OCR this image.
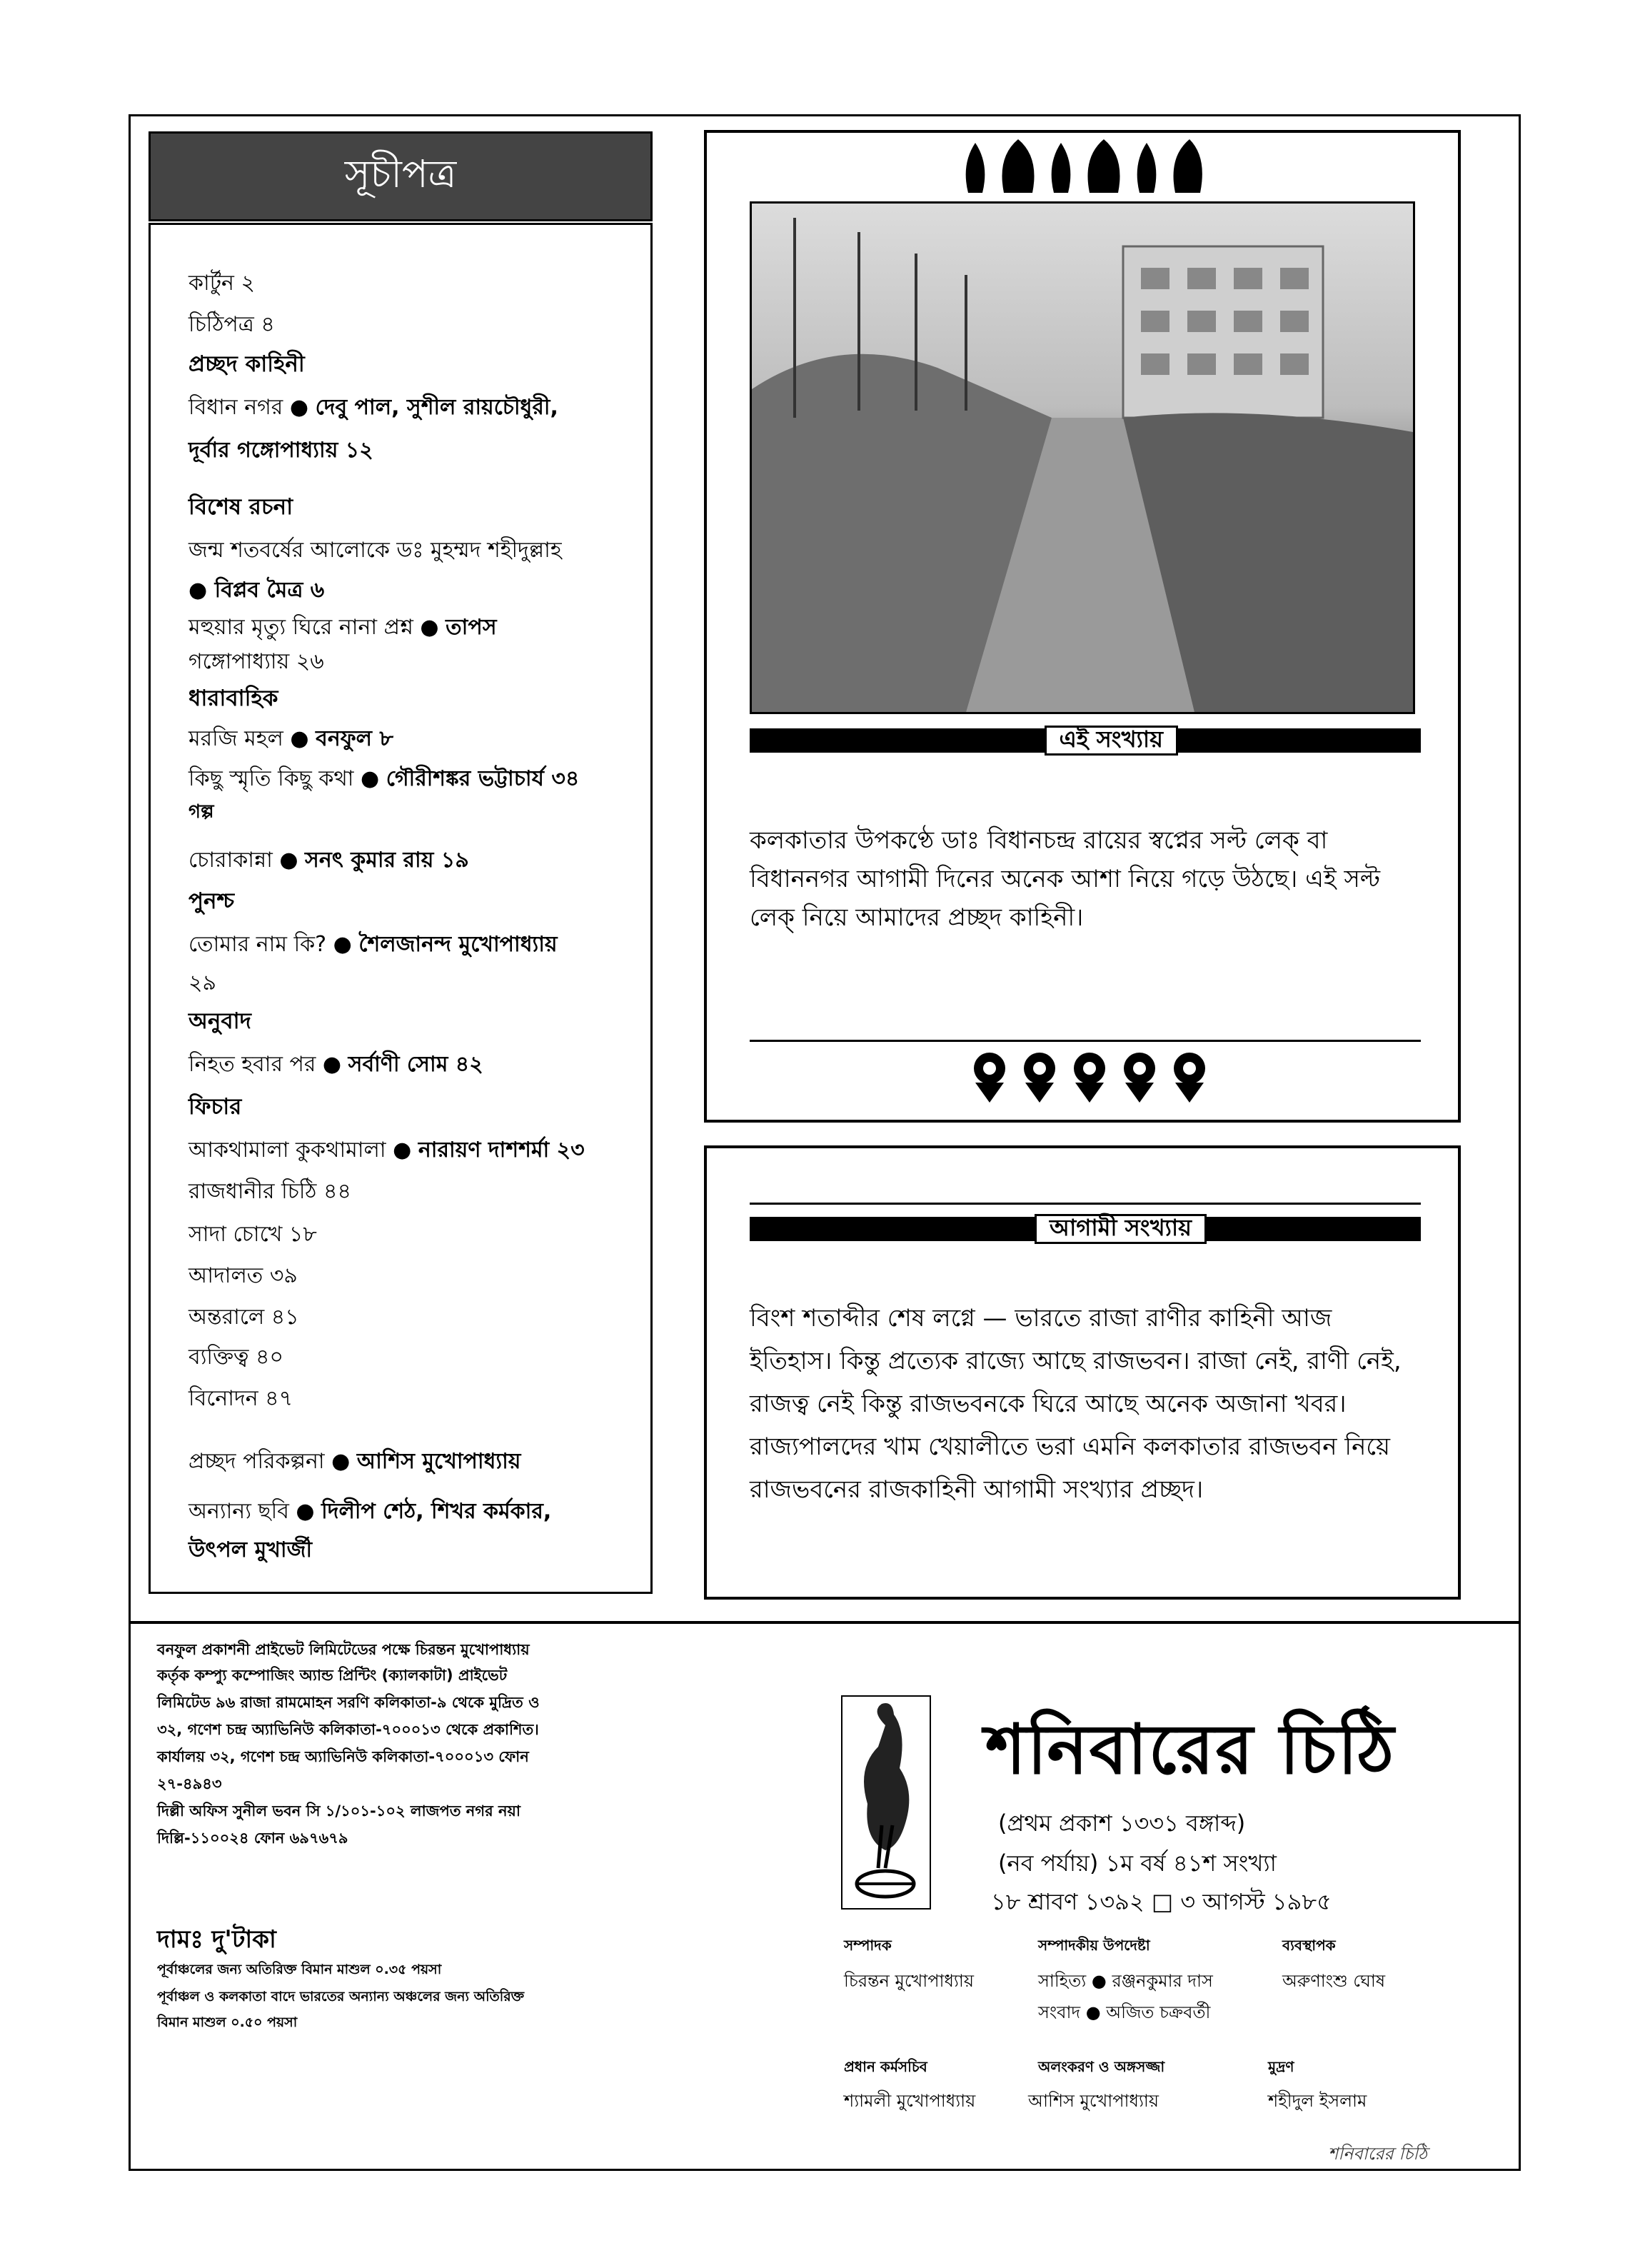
সূচীপত্র
কার্টুন ২
চিঠিপত্র ৪
প্রচ্ছদ কাহিনী
বিধান নগর ● দেবু পাল, সুশীল রায়চৌধুরী,
দূর্বার গঙ্গোপাধ্যায় ১২
বিশেষ রচনা
জন্ম শতবর্ষের আলোকে ডঃ মুহম্মদ শহীদুল্লাহ
● বিপ্লব মৈত্র ৬
মহুয়ার মৃত্যু ঘিরে নানা প্রশ্ন ● তাপস
গঙ্গোপাধ্যায় ২৬
ধারাবাহিক
মরজি মহল ● বনফুল ৮
কিছু স্মৃতি কিছু কথা ● গৌরীশঙ্কর ভট্টাচার্য ৩৪
গল্প
চোরাকান্না ● সনৎ কুমার রায় ১৯
পুনশ্চ
তোমার নাম কি? ● শৈলজানন্দ মুখোপাধ্যায়
২৯
অনুবাদ
নিহত হবার পর ● সর্বাণী সোম ৪২
ফিচার
আকথামালা কুকথামালা ● নারায়ণ দাশশর্মা ২৩
রাজধানীর চিঠি ৪৪
সাদা চোখে ১৮
আদালত ৩৯
অন্তরালে ৪১
ব্যক্তিত্ব ৪০
বিনোদন ৪৭
প্রচ্ছদ পরিকল্পনা ● আশিস মুখোপাধ্যায়
অন্যান্য ছবি ● দিলীপ শেঠ, শিখর কর্মকার,
উৎপল মুখার্জী
এই সংখ্যায়
কলকাতার উপকণ্ঠে ডাঃ বিধানচন্দ্র রায়ের স্বপ্নের সল্ট লেক্ বা বিধাননগর আগামী দিনের অনেক আশা নিয়ে গড়ে উঠছে। এই সল্ট লেক্ নিয়ে আমাদের প্রচ্ছদ কাহিনী।
আগামী সংখ্যায়
বিংশ শতাব্দীর শেষ লগ্নে — ভারতে রাজা রাণীর কাহিনী আজ ইতিহাস। কিন্তু প্রত্যেক রাজ্যে আছে রাজভবন। রাজা নেই, রাণী নেই, রাজত্ব নেই কিন্তু রাজভবনকে ঘিরে আছে অনেক অজানা খবর। রাজ্যপালদের খাম খেয়ালীতে ভরা এমনি কলকাতার রাজভবন নিয়ে রাজভবনের রাজকাহিনী আগামী সংখ্যার প্রচ্ছদ।
বনফুল প্রকাশনী প্রাইভেট লিমিটেডের পক্ষে চিরন্তন মুখোপাধ্যায়
কর্তৃক কম্প্যু কম্পোজিং অ্যান্ড প্রিন্টিং (ক্যালকাটা) প্রাইভেট
লিমিটেড ৯৬ রাজা রামমোহন সরণি কলিকাতা-৯ থেকে মুদ্রিত ও
৩২, গণেশ চন্দ্র অ্যাভিনিউ কলিকাতা-৭০০০১৩ থেকে প্রকাশিত।
কার্যালয় ৩২, গণেশ চন্দ্র অ্যাভিনিউ কলিকাতা-৭০০০১৩ ফোন
২৭-৪৯৪৩
দিল্লী অফিস সুনীল ভবন সি ১/১০১-১০২ লাজপত নগর নয়া
দিল্লি-১১০০২৪ ফোন ৬৯৭৬৭৯
দামঃ দু'টাকা
পূর্বাঞ্চলের জন্য অতিরিক্ত বিমান মাশুল ০.৩৫ পয়সা
পূর্বাঞ্চল ও কলকাতা বাদে ভারতের অন্যান্য অঞ্চলের জন্য অতিরিক্ত
বিমান মাশুল ০.৫০ পয়সা
শনিবারের চিঠি
(প্রথম প্রকাশ ১৩৩১ বঙ্গাব্দ)
(নব পর্যায়) ১ম বর্ষ ৪১শ সংখ্যা
১৮ শ্রাবণ ১৩৯২ □ ৩ আগস্ট ১৯৮৫
সম্পাদক
চিরন্তন মুখোপাধ্যায়
সম্পাদকীয় উপদেষ্টা
সাহিত্য ● রঞ্জনকুমার দাস
সংবাদ ● অজিত চক্রবর্তী
ব্যবস্থাপক
অরুণাংশু ঘোষ
প্রধান কর্মসচিব
শ্যামলী মুখোপাধ্যায়
অলংকরণ ও অঙ্গসজ্জা
আশিস মুখোপাধ্যায়
মুদ্রণ
শহীদুল ইসলাম
শনিবারের চিঠি
